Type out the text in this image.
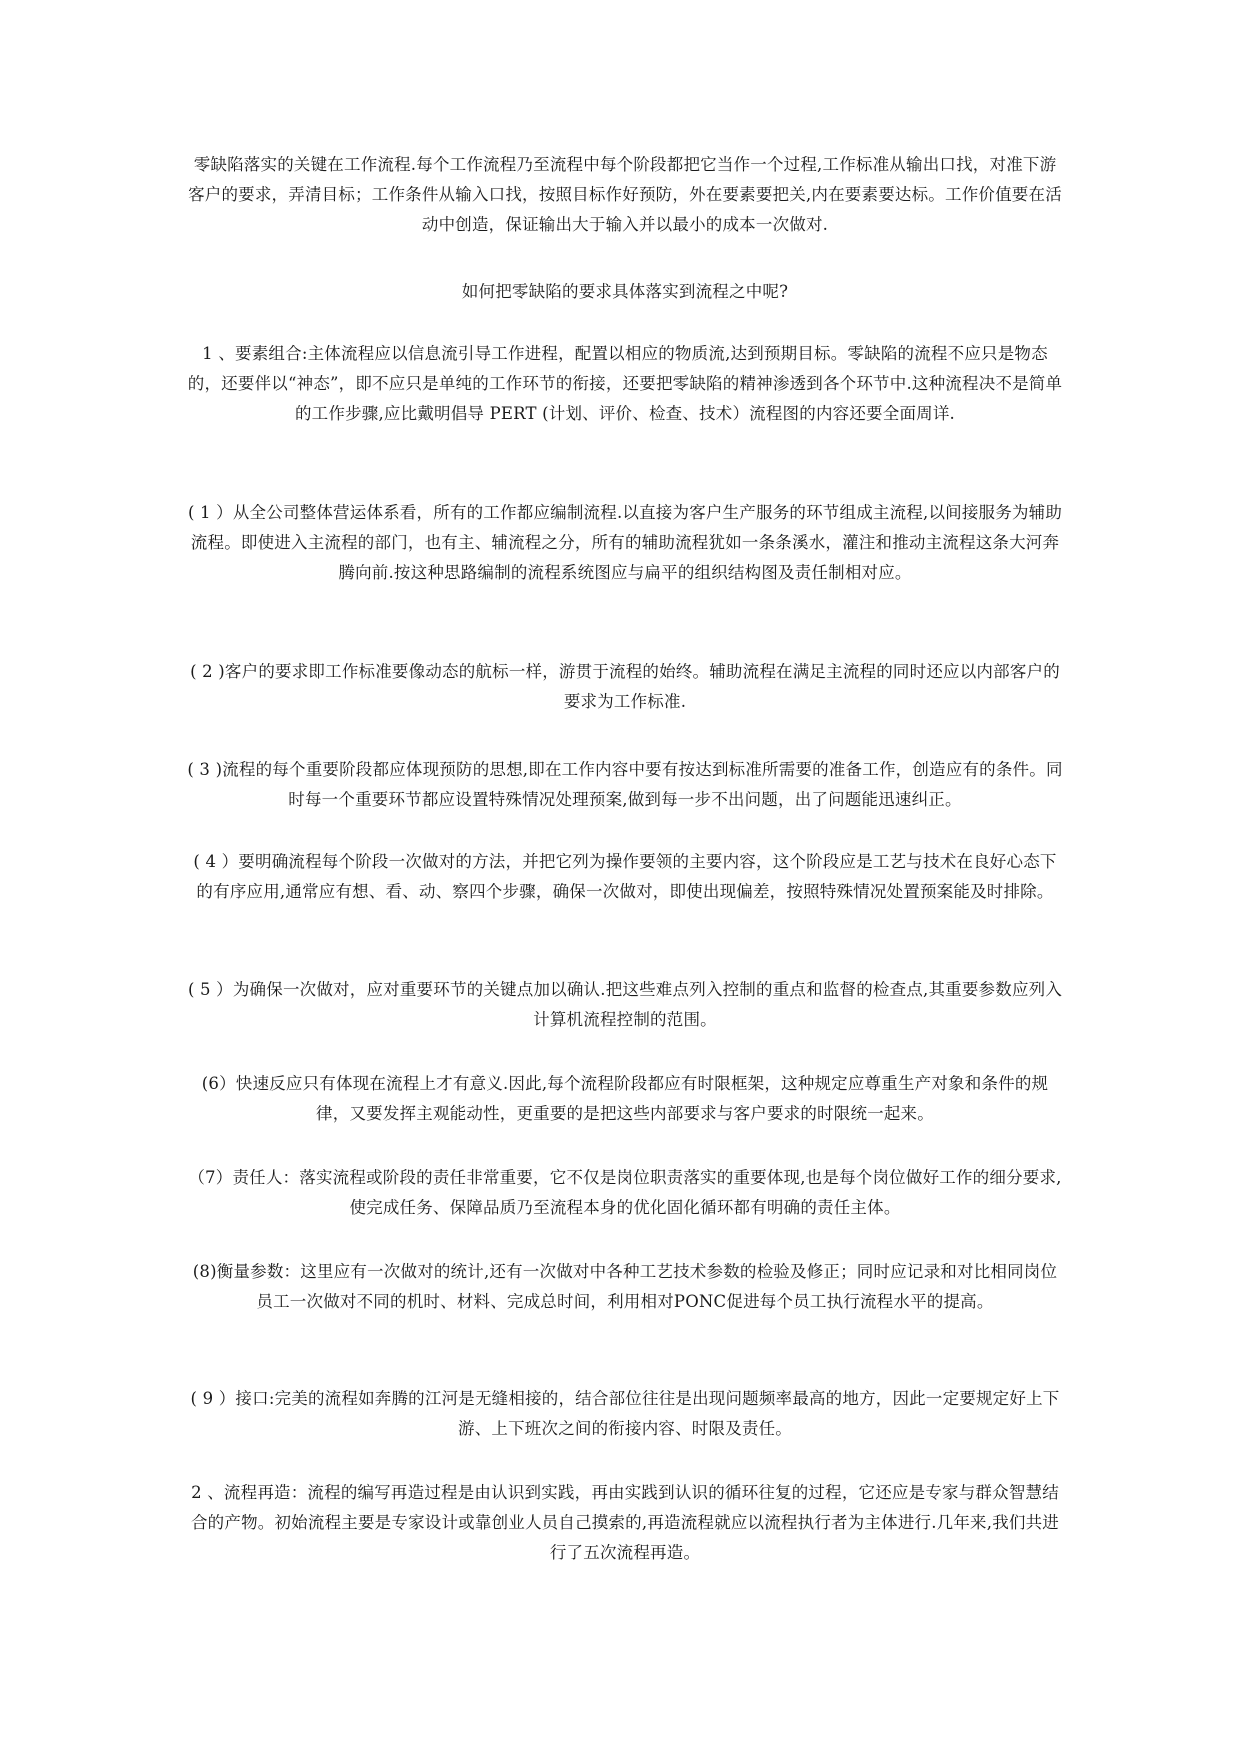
零缺陷落实的关键在工作流程.每个工作流程乃至流程中每个阶段都把它当作一个过程,工作标准从输出口找，对准下游客户的要求，弄清目标；工作条件从输入口找，按照目标作好预防，外在要素要把关,内在要素要达标。工作价值要在活动中创造，保证输出大于输入并以最小的成本一次做对.

如何把零缺陷的要求具体落实到流程之中呢?

1 、要素组合:主体流程应以信息流引导工作进程，配置以相应的物质流,达到预期目标。零缺陷的流程不应只是物态的，还要伴以“神态”，即不应只是单纯的工作环节的衔接，还要把零缺陷的精神渗透到各个环节中.这种流程决不是简单的工作步骤,应比戴明倡导 PERT (计划、评价、检查、技术）流程图的内容还要全面周详.

( 1 ）从全公司整体营运体系看，所有的工作都应编制流程.以直接为客户生产服务的环节组成主流程,以间接服务为辅助流程。即使进入主流程的部门，也有主、辅流程之分，所有的辅助流程犹如一条条溪水，灌注和推动主流程这条大河奔腾向前.按这种思路编制的流程系统图应与扁平的组织结构图及责任制相对应。

( 2 )客户的要求即工作标准要像动态的航标一样，游贯于流程的始终。辅助流程在满足主流程的同时还应以内部客户的要求为工作标准.

( 3 )流程的每个重要阶段都应体现预防的思想,即在工作内容中要有按达到标准所需要的准备工作，创造应有的条件。同时每一个重要环节都应设置特殊情况处理预案,做到每一步不出问题，出了问题能迅速纠正。

( 4 ）要明确流程每个阶段一次做对的方法，并把它列为操作要领的主要内容，这个阶段应是工艺与技术在良好心态下的有序应用,通常应有想、看、动、察四个步骤，确保一次做对，即使出现偏差，按照特殊情况处置预案能及时排除。

( 5 ）为确保一次做对，应对重要环节的关键点加以确认.把这些难点列入控制的重点和监督的检查点,其重要参数应列入计算机流程控制的范围。

(6）快速反应只有体现在流程上才有意义.因此,每个流程阶段都应有时限框架，这种规定应尊重生产对象和条件的规律，又要发挥主观能动性，更重要的是把这些内部要求与客户要求的时限统一起来。

（7）责任人：落实流程或阶段的责任非常重要，它不仅是岗位职责落实的重要体现,也是每个岗位做好工作的细分要求,使完成任务、保障品质乃至流程本身的优化固化循环都有明确的责任主体。

(8)衡量参数：这里应有一次做对的统计,还有一次做对中各种工艺技术参数的检验及修正；同时应记录和对比相同岗位员工一次做对不同的机时、材料、完成总时间，利用相对PONC促进每个员工执行流程水平的提高。

( 9 ）接口:完美的流程如奔腾的江河是无缝相接的，结合部位往往是出现问题频率最高的地方，因此一定要规定好上下游、上下班次之间的衔接内容、时限及责任。

2 、流程再造：流程的编写再造过程是由认识到实践，再由实践到认识的循环往复的过程，它还应是专家与群众智慧结合的产物。初始流程主要是专家设计或靠创业人员自己摸索的,再造流程就应以流程执行者为主体进行.几年来,我们共进行了五次流程再造。
